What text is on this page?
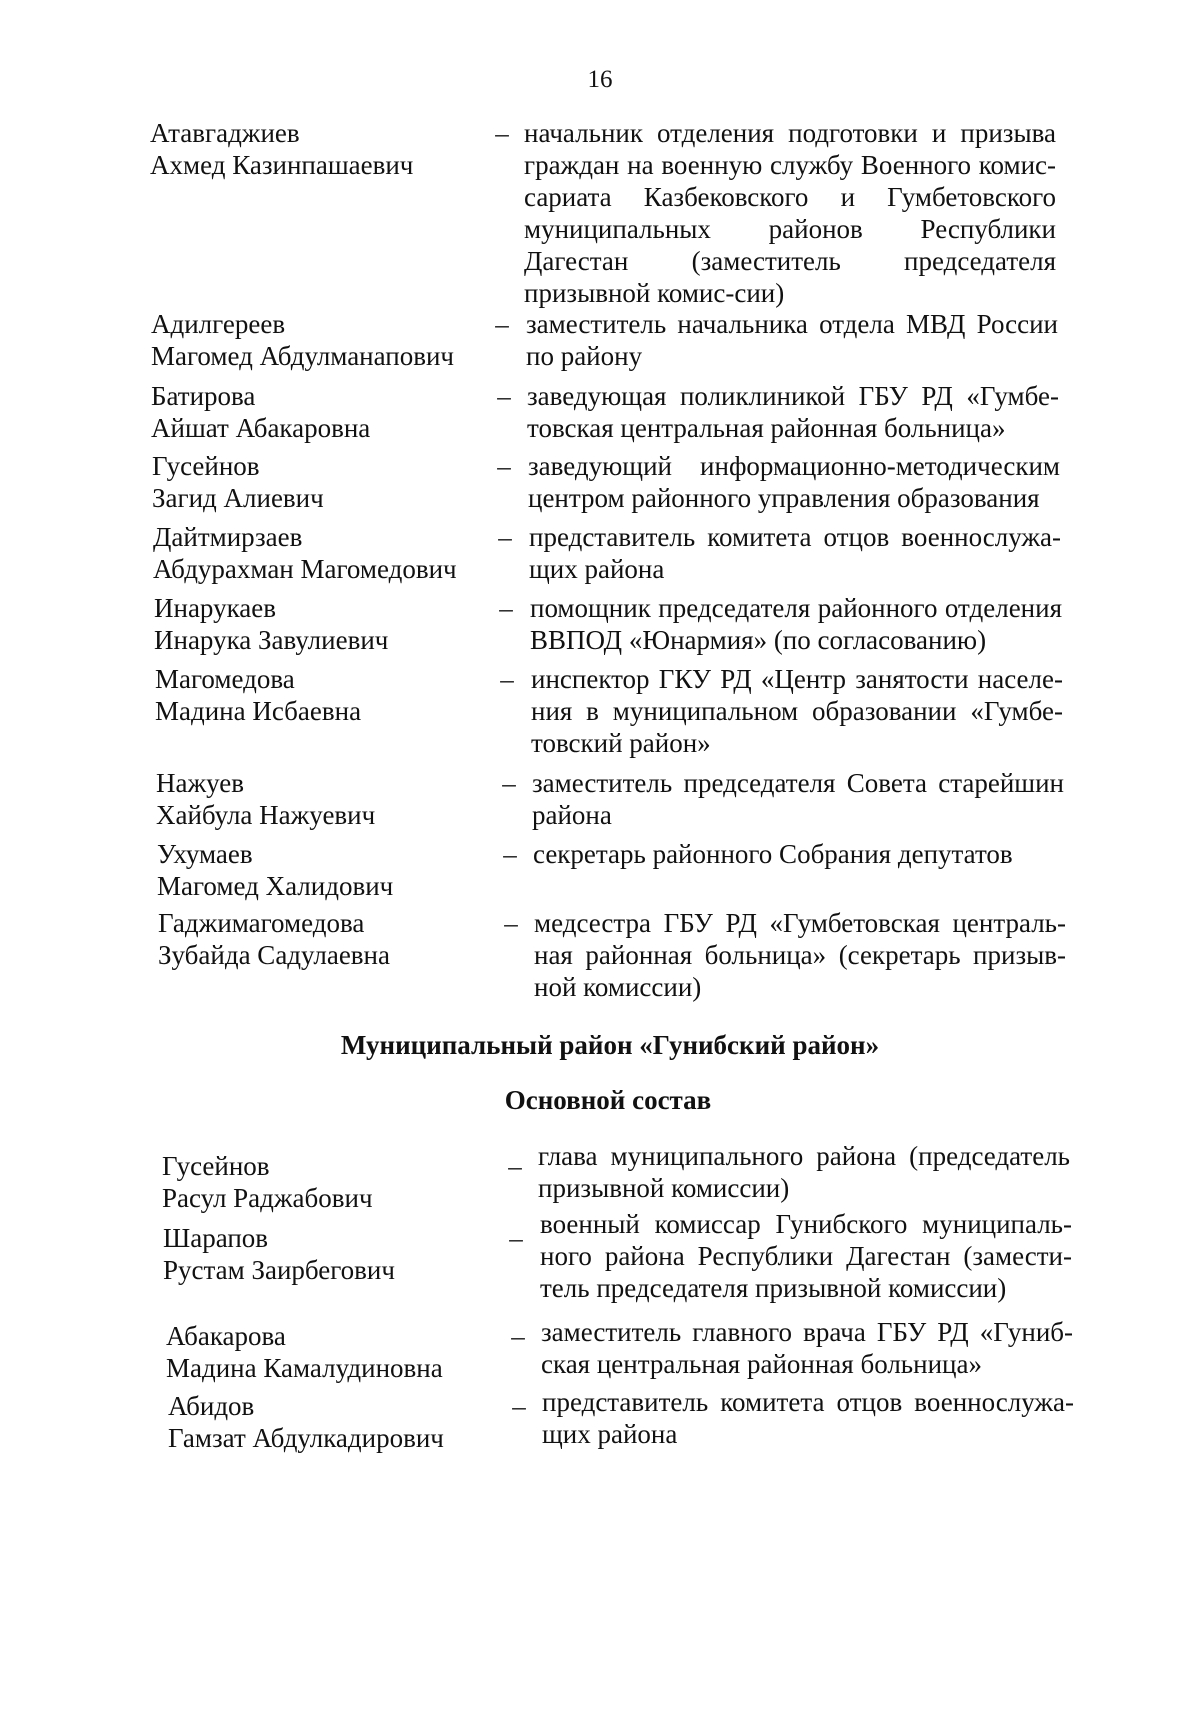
16
Атавгаджиев
Ахмед Казинпашаевич
– начальник отделения подготовки и призыва граждан на военную службу Военного комис-сариата Казбековского и Гумбетовского муниципальных районов Республики Дагестан (заместитель председателя призывной комис-сии)
Адилгереев
Магомед Абдулманапович
– заместитель начальника отдела МВД России по району
Батирова
Айшат Абакаровна
– заведующая поликлиникой ГБУ РД «Гумбе-товская центральная районная больница»
Гусейнов
Загид Алиевич
– заведующий информационно-методическим центром районного управления образования
Дайтмирзаев
Абдурахман Магомедович
– представитель комитета отцов военнослужа-щих района
Инарукаев
Инарука Завулиевич
– помощник председателя районного отделения ВВПОД «Юнармия» (по согласованию)
Магомедова
Мадина Исбаевна
– инспектор ГКУ РД «Центр занятости населе-ния в муниципальном образовании «Гумбе-товский район»
Нажуев
Хайбула Нажуевич
– заместитель председателя Совета старейшин района
Ухумаев
Магомед Халидович
– секретарь районного Собрания депутатов
Гаджимагомедова
Зубайда Садулаевна
– медсестра ГБУ РД «Гумбетовская централь-ная районная больница» (секретарь призыв-ной комиссии)
Муниципальный район «Гунибский район»
Основной состав
Гусейнов
Расул Раджабович
– глава муниципального района (председатель призывной комиссии)
Шарапов
Рустам Заирбегович
– военный комиссар Гунибского муниципаль-ного района Республики Дагестан (замести-тель председателя призывной комиссии)
Абакарова
Мадина Камалудиновна
– заместитель главного врача ГБУ РД «Гуниб-ская центральная районная больница»
Абидов
Гамзат Абдулкадирович
– представитель комитета отцов военнослужа-щих района
